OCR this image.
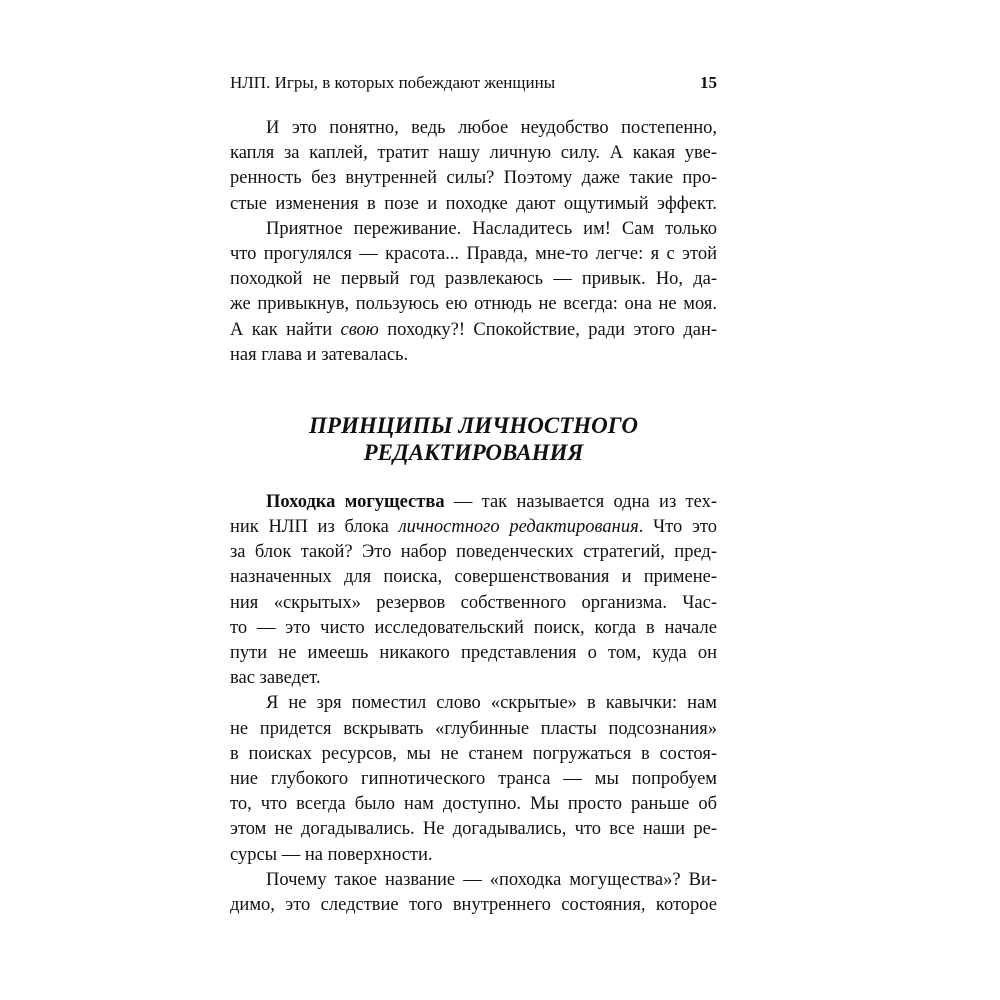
НЛП. Игры, в которых побеждают женщины	15
И это понятно, ведь любое неудобство постепенно,
капля за каплей, тратит нашу личную силу. А какая уве-
ренность без внутренней силы? Поэтому даже такие про-
стые изменения в позе и походке дают ощутимый эффект.
Приятное переживание. Насладитесь им! Сам только
что прогулялся — красота... Правда, мне-то легче: я с этой
походкой не первый год развлекаюсь — привык. Но, да-
же привыкнув, пользуюсь ею отнюдь не всегда: она не моя.
А как найти свою походку?! Спокойствие, ради этого дан-
ная глава и затевалась.
ПРИНЦИПЫ ЛИЧНОСТНОГО
РЕДАКТИРОВАНИЯ
Походка могущества — так называется одна из тех-
ник НЛП из блока личностного редактирования. Что это
за блок такой? Это набор поведенческих стратегий, пред-
назначенных для поиска, совершенствования и примене-
ния «скрытых» резервов собственного организма. Час-
то — это чисто исследовательский поиск, когда в начале
пути не имеешь никакого представления о том, куда он
вас заведет.
Я не зря поместил слово «скрытые» в кавычки: нам
не придется вскрывать «глубинные пласты подсознания»
в поисках ресурсов, мы не станем погружаться в состоя-
ние глубокого гипнотического транса — мы попробуем
то, что всегда было нам доступно. Мы просто раньше об
этом не догадывались. Не догадывались, что все наши ре-
сурсы — на поверхности.
Почему такое название — «походка могущества»? Ви-
димо, это следствие того внутреннего состояния, которое
